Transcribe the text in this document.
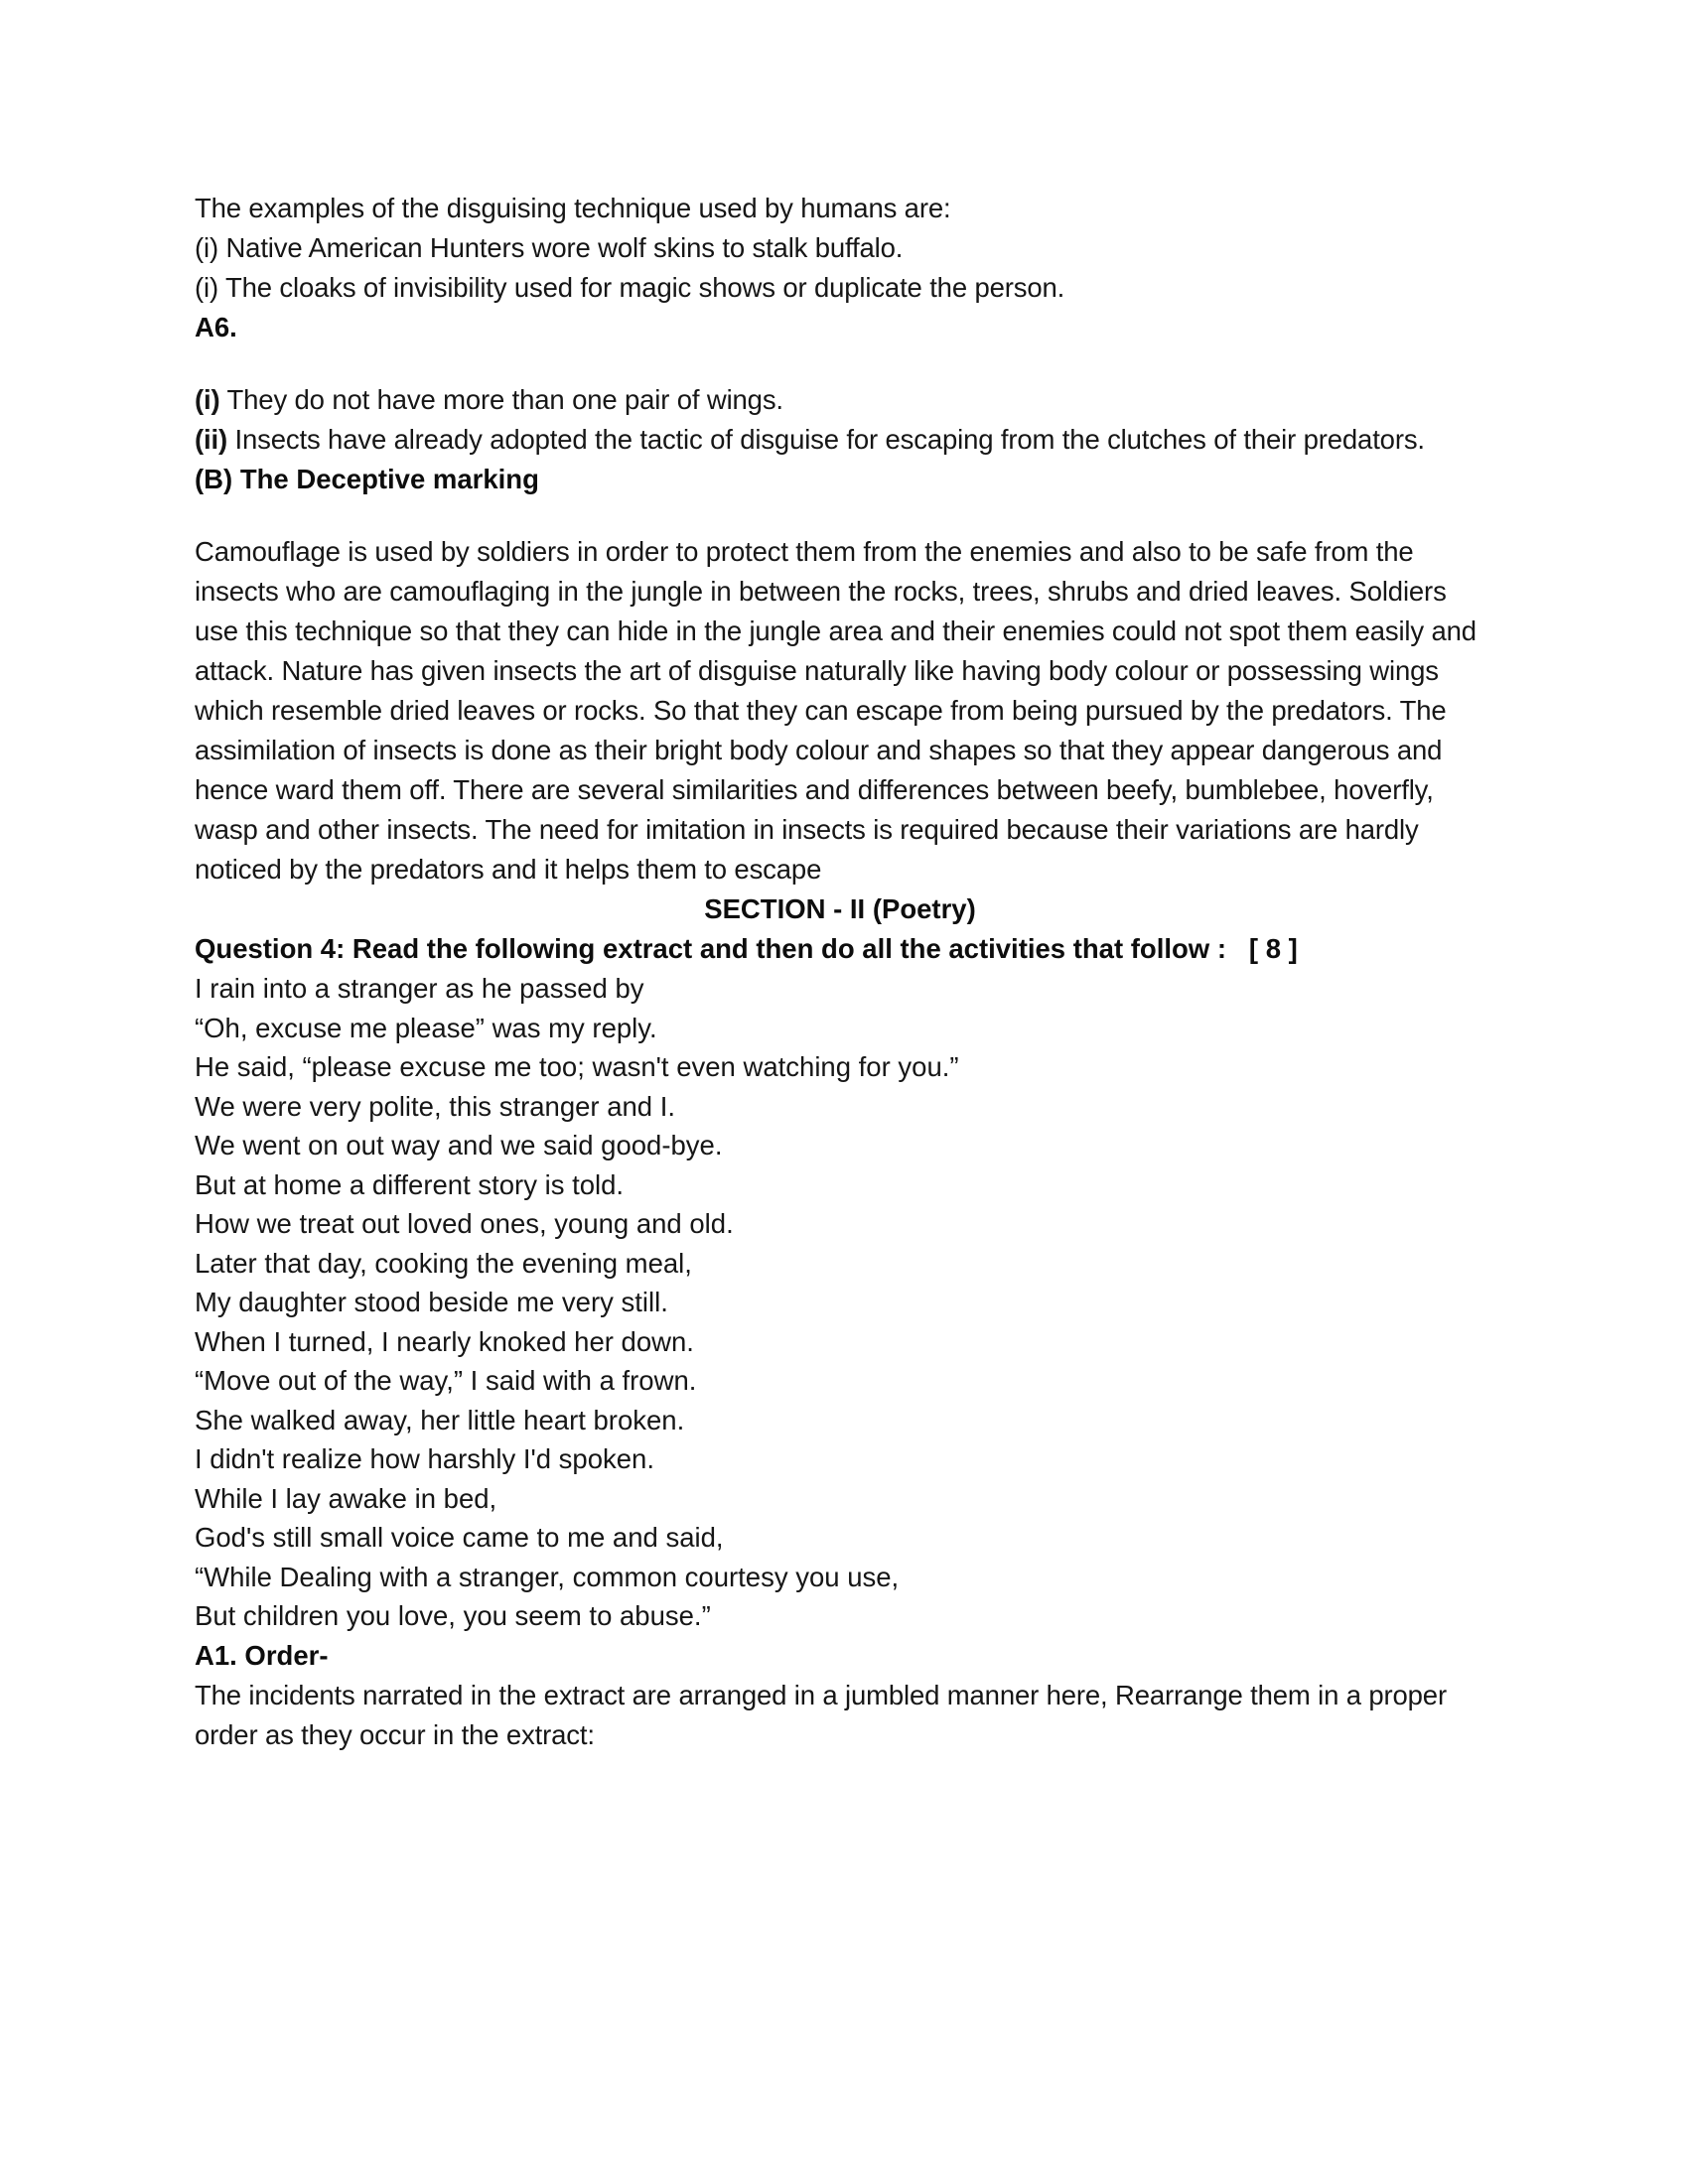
The examples of the disguising technique used by humans are:

(i) Native American Hunters wore wolf skins to stalk buffalo.

(i) The cloaks of invisibility used for magic shows or duplicate the person.

A6.

(i) They do not have more than one pair of wings.

(ii) Insects have already adopted the tactic of disguise for escaping from the clutches of their predators.

(B) The Deceptive marking

Camouflage is used by soldiers in order to protect them from the enemies and also to be safe from the insects who are camouflaging in the jungle in between the rocks, trees, shrubs and dried leaves. Soldiers use this technique so that they can hide in the jungle area and their enemies could not spot them easily and attack. Nature has given insects the art of disguise naturally like having body colour or possessing wings which resemble dried leaves or rocks. So that they can escape from being pursued by the predators. The assimilation of insects is done as their bright body colour and shapes so that they appear dangerous and hence ward them off. There are several similarities and differences between beefy, bumblebee, hoverfly, wasp and other insects. The need for imitation in insects is required because their variations are hardly noticed by the predators and it helps them to escape

SECTION - II (Poetry)

Question 4: Read the following extract and then do all the activities that follow : [ 8 ]

I rain into a stranger as he passed by

“Oh, excuse me please” was my reply.

He said, “please excuse me too; wasn't even watching for you.”

We were very polite, this stranger and I.

We went on out way and we said good-bye.

But at home a different story is told.

How we treat out loved ones, young and old.

Later that day, cooking the evening meal,

My daughter stood beside me very still.

When I turned, I nearly knoked her down.

“Move out of the way,” I said with a frown.

She walked away, her little heart broken.

I didn't realize how harshly I'd spoken.

While I lay awake in bed,

God's still small voice came to me and said,

“While Dealing with a stranger, common courtesy you use,

But children you love, you seem to abuse.”

A1. Order-

The incidents narrated in the extract are arranged in a jumbled manner here, Rearrange them in a proper order as they occur in the extract:
